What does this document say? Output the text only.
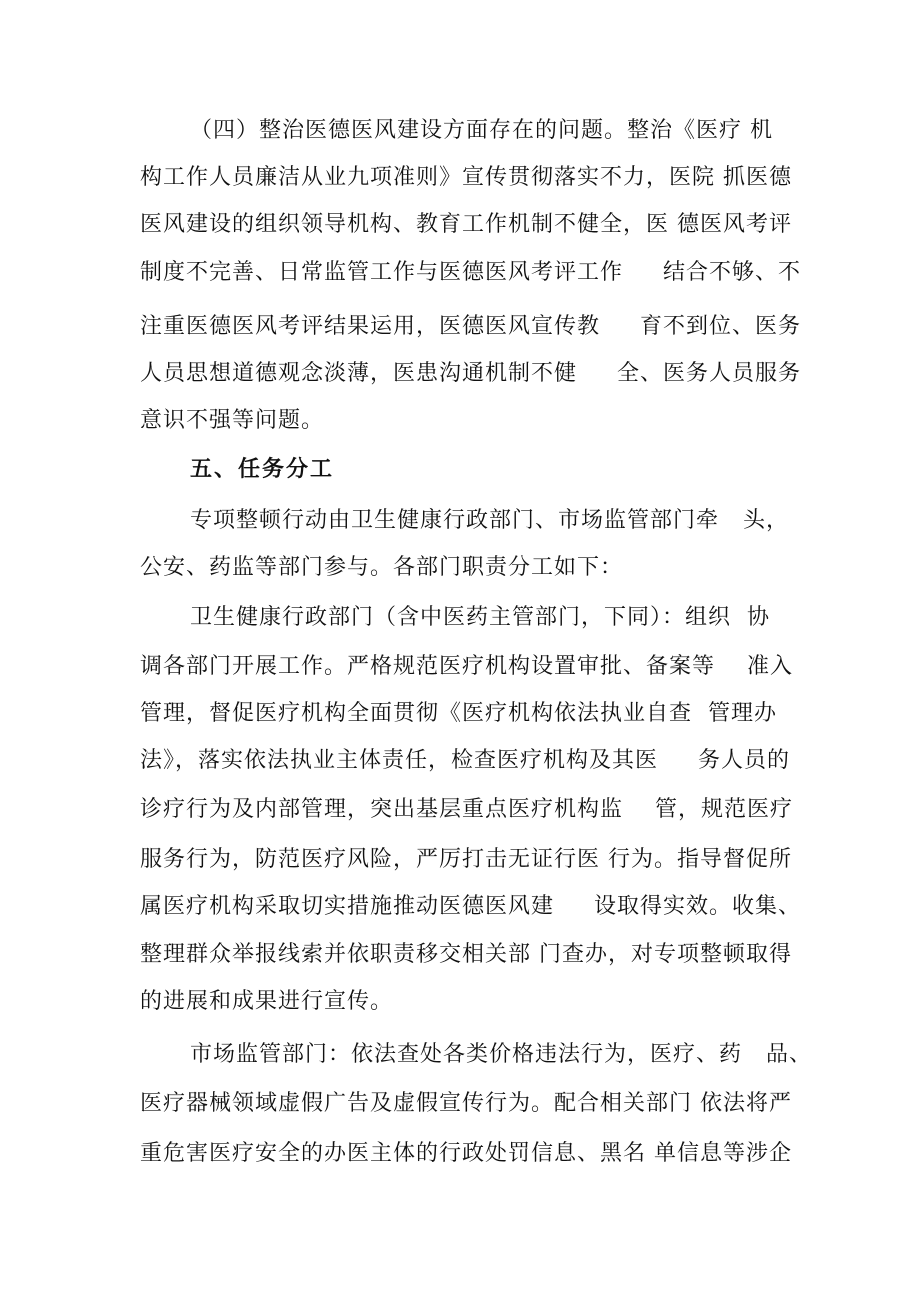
（四）整治医德医风建设方面存在的问题。整治《医疗 机
构工作人员廉洁从业九项准则》宣传贯彻落实不力，医院 抓医德
医风建设的组织领导机构、教育工作机制不健全，医 德医风考评
制度不完善、日常监管工作与医德医风考评工作     结合不够、不
注重医德医风考评结果运用，医德医风宣传教     育不到位、医务
人员思想道德观念淡薄，医患沟通机制不健     全、医务人员服务
意识不强等问题。
五、任务分工
专项整顿行动由卫生健康行政部门、市场监管部门牵   头，
公安、药监等部门参与。各部门职责分工如下：
卫生健康行政部门（含中医药主管部门，下同）：组织  协
调各部门开展工作。严格规范医疗机构设置审批、备案等    准入
管理，督促医疗机构全面贯彻《医疗机构依法执业自查  管理办
法》，落实依法执业主体责任，检查医疗机构及其医     务人员的
诊疗行为及内部管理，突出基层重点医疗机构监    管，规范医疗
服务行为，防范医疗风险，严厉打击无证行医 行为。指导督促所
属医疗机构采取切实措施推动医德医风建     设取得实效。收集、
整理群众举报线索并依职责移交相关部 门查办，对专项整顿取得
的进展和成果进行宣传。
市场监管部门：依法查处各类价格违法行为，医疗、药   品、
医疗器械领域虚假广告及虚假宣传行为。配合相关部门 依法将严
重危害医疗安全的办医主体的行政处罚信息、黑名 单信息等涉企
